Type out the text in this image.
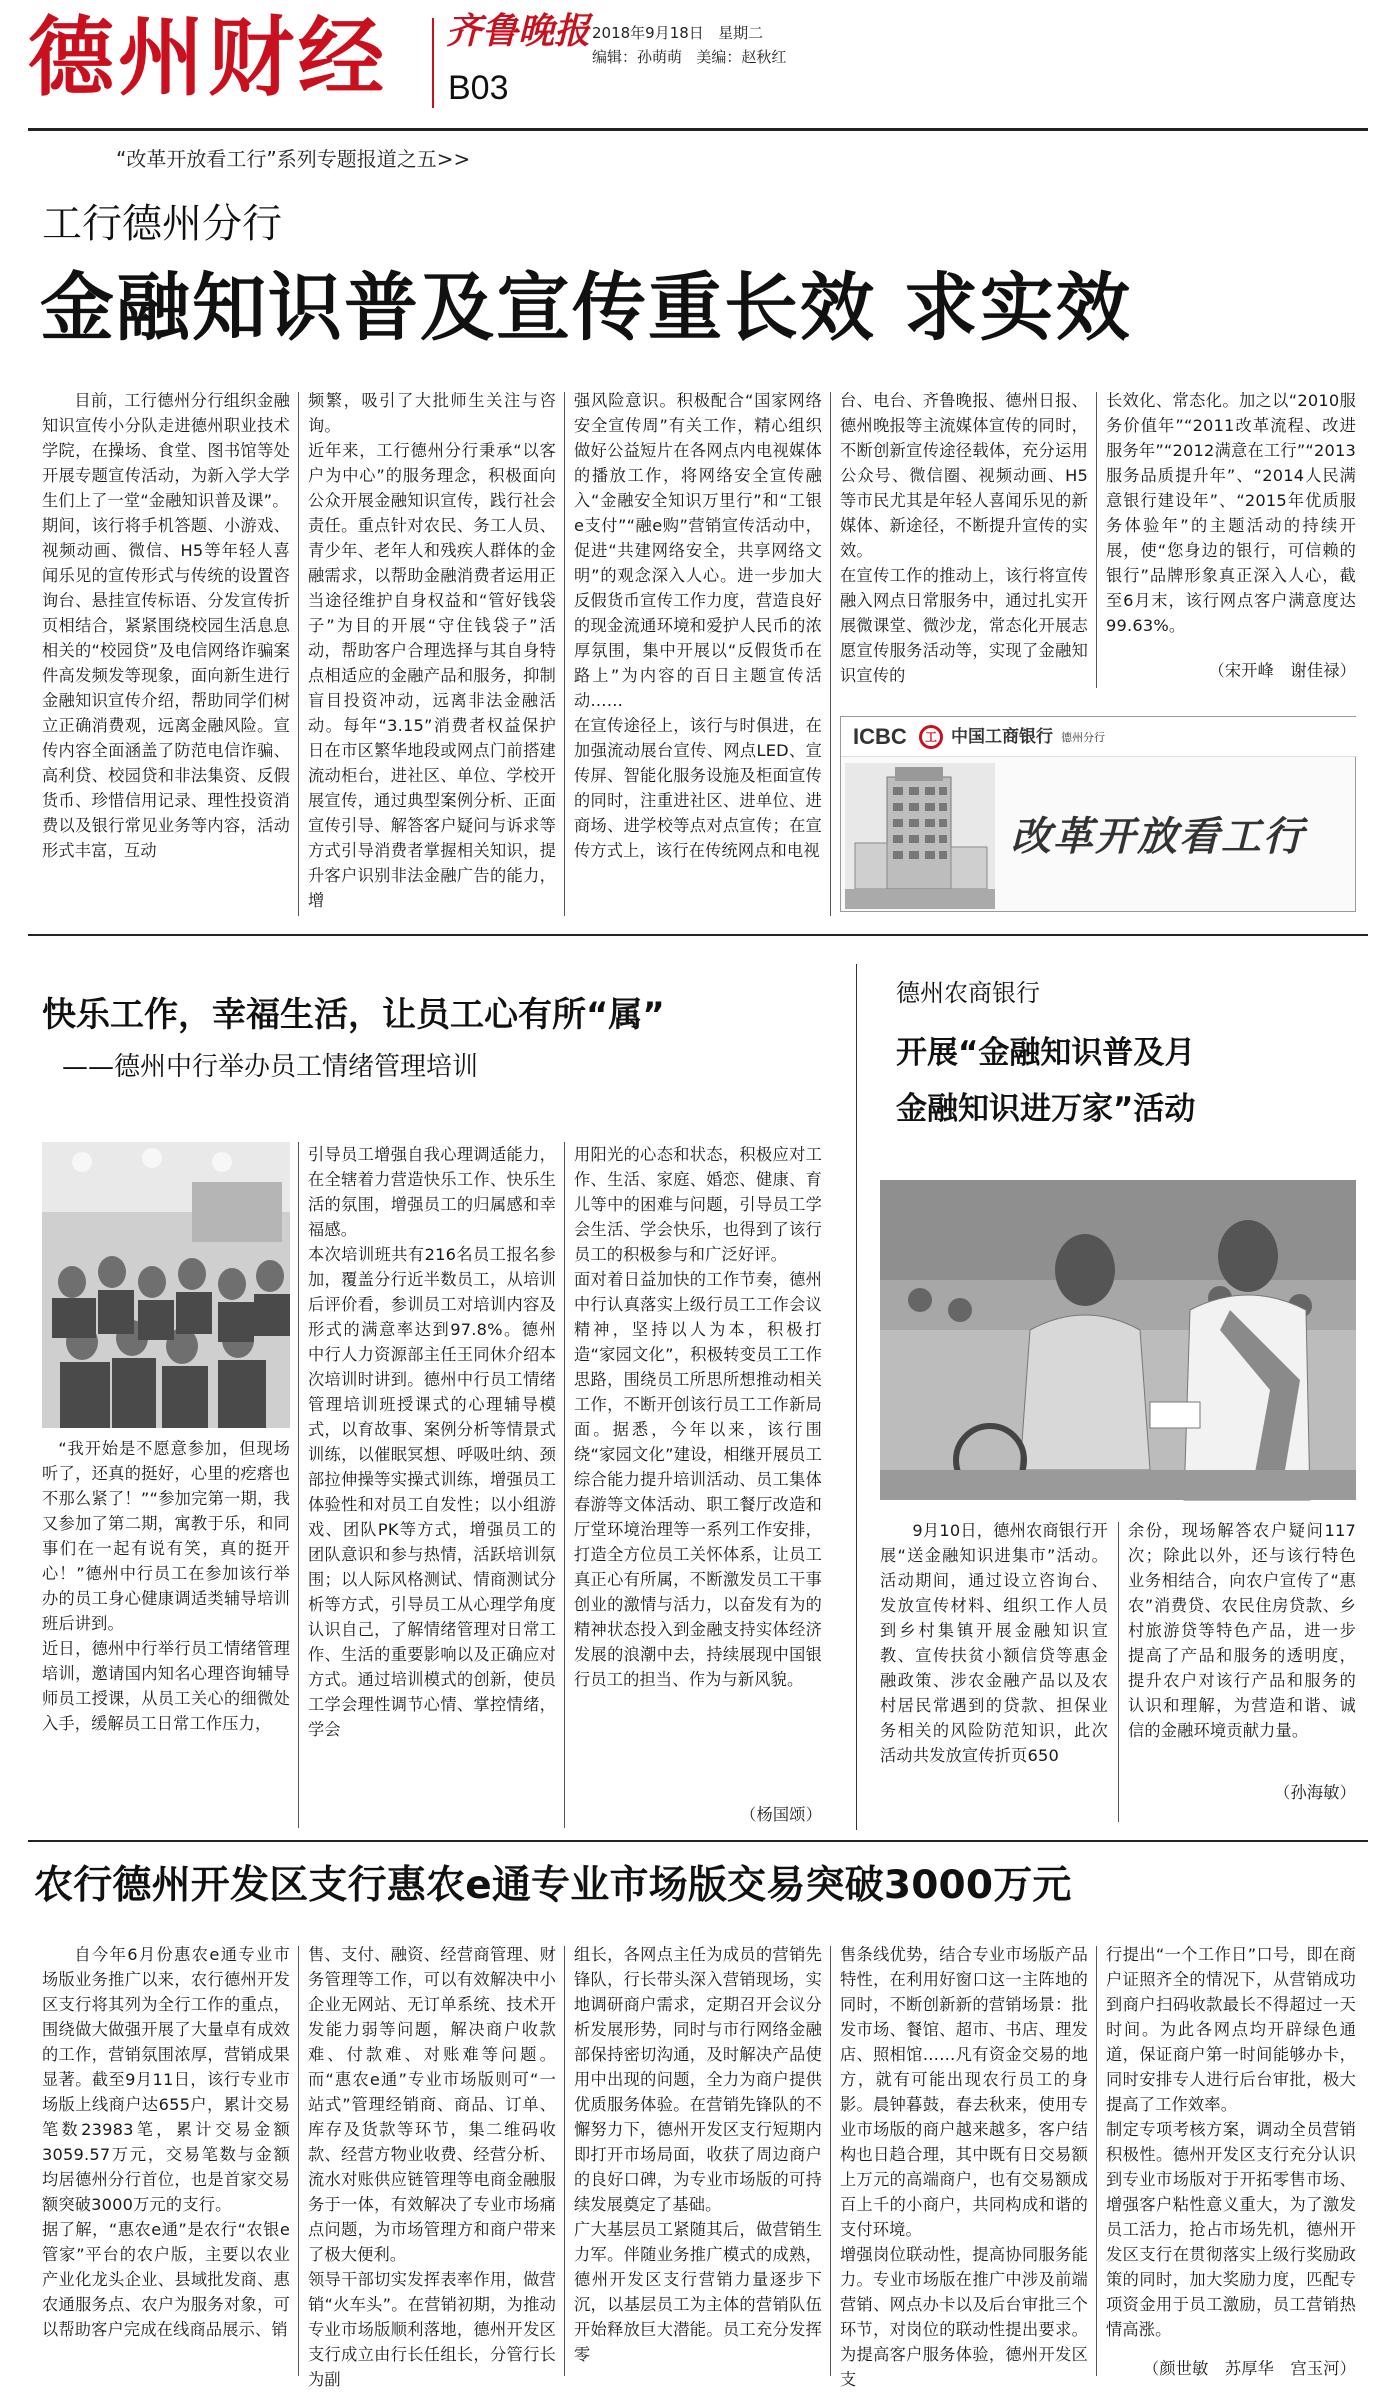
德州财经 齐鲁晚报
B03
2018年9月18日 星期二
编辑：孙萌萌 美编：赵秋红
“改革开放看工行”系列专题报道之五>>
工行德州分行
金融知识普及宣传重长效 求实效
目前，工行德州分行组织金融知识宣传小分队走进德州职业技术学院，在操场、食堂、图书馆等处开展专题宣传活动，为新入学大学生们上了一堂“金融知识普及课”。
期间，该行将手机答题、小游戏、视频动画、微信、H5等年轻人喜闻乐见的宣传形式与传统的设置咨询台、悬挂宣传标语、分发宣传折页相结合，紧紧围绕校园生活息息相关的“校园贷”及电信网络诈骗案件高发频发等现象，面向新生进行金融知识宣传介绍，帮助同学们树立正确消费观，远离金融风险。宣传内容全面涵盖了防范电信诈骗、高利贷、校园贷和非法集资、反假货币、珍惜信用记录、理性投资消费以及银行常见业务等内容，活动形式丰富，互动
频繁，吸引了大批师生关注与咨询。
近年来，工行德州分行秉承“以客户为中心”的服务理念，积极面向公众开展金融知识宣传，践行社会责任。重点针对农民、务工人员、青少年、老年人和残疾人群体的金融需求，以帮助金融消费者运用正当途径维护自身权益和“管好钱袋子”为目的开展“守住钱袋子”活动，帮助客户合理选择与其自身特点相适应的金融产品和服务，抑制盲目投资冲动，远离非法金融活动。每年“3.15”消费者权益保护日在市区繁华地段或网点门前搭建流动柜台，进社区、单位、学校开展宣传，通过典型案例分析、正面宣传引导、解答客户疑问与诉求等方式引导消费者掌握相关知识，提升客户识别非法金融广告的能力，增
强风险意识。积极配合“国家网络安全宣传周”有关工作，精心组织做好公益短片在各网点内电视媒体的播放工作，将网络安全宣传融入“金融安全知识万里行”和“工银e支付”“融e购”营销宣传活动中，促进“共建网络安全，共享网络文明”的观念深入人心。进一步加大反假货币宣传工作力度，营造良好的现金流通环境和爱护人民币的浓厚氛围，集中开展以“反假货币在路上”为内容的百日主题宣传活动……
在宣传途径上，该行与时俱进，在加强流动展台宣传、网点LED、宣传屏、智能化服务设施及柜面宣传的同时，注重进社区、进单位、进商场、进学校等点对点宣传；在宣传方式上，该行在传统网点和电视
台、电台、齐鲁晚报、德州日报、德州晚报等主流媒体宣传的同时，不断创新宣传途径载体，充分运用公众号、微信圈、视频动画、H5等市民尤其是年轻人喜闻乐见的新媒体、新途径，不断提升宣传的实效。
在宣传工作的推动上，该行将宣传融入网点日常服务中，通过扎实开展微课堂、微沙龙，常态化开展志愿宣传服务活动等，实现了金融知识宣传的
长效化、常态化。加之以“2010服务价值年”“2011改革流程、改进服务年”“2012满意在工行”“2013服务品质提升年”、“2014人民满意银行建设年”、“2015年优质服务体验年”的主题活动的持续开展，使“您身边的银行，可信赖的银行”品牌形象真正深入人心，截至6月末，该行网点客户满意度达99.63%。
（宋开峰　谢佳禄）
ICBC	工 中国工商银行 德州分行
改革开放看工行
快乐工作，幸福生活，让员工心有所“属”
——德州中行举办员工情绪管理培训
“我开始是不愿意参加，但现场听了，还真的挺好，心里的疙瘩也不那么紧了！”“参加完第一期，我又参加了第二期，寓教于乐，和同事们在一起有说有笑，真的挺开心！”德州中行员工在参加该行举办的员工身心健康调适类辅导培训班后讲到。
近日，德州中行举行员工情绪管理培训，邀请国内知名心理咨询辅导师员工授课，从员工关心的细微处入手，缓解员工日常工作压力，
引导员工增强自我心理调适能力，在全辖着力营造快乐工作、快乐生活的氛围，增强员工的归属感和幸福感。
本次培训班共有216名员工报名参加，覆盖分行近半数员工，从培训后评价看，参训员工对培训内容及形式的满意率达到97.8%。德州中行人力资源部主任王同休介绍本次培训时讲到。德州中行员工情绪管理培训班授课式的心理辅导模式，以育故事、案例分析等情景式训练，以催眠冥想、呼吸吐纳、颈部拉伸操等实操式训练，增强员工体验性和对员工自发性；以小组游戏、团队PK等方式，增强员工的团队意识和参与热情，活跃培训氛围；以人际风格测试、情商测试分析等方式，引导员工从心理学角度认识自己，了解情绪管理对日常工作、生活的重要影响以及正确应对方式。通过培训模式的创新，使员工学会理性调节心情、掌控情绪，学会
用阳光的心态和状态，积极应对工作、生活、家庭、婚恋、健康、育儿等中的困难与问题，引导员工学会生活、学会快乐，也得到了该行员工的积极参与和广泛好评。
面对着日益加快的工作节奏，德州中行认真落实上级行员工工作会议精神，坚持以人为本，积极打造“家园文化”，积极转变员工工作思路，围绕员工所思所想推动相关工作，不断开创该行员工工作新局面。据悉，今年以来，该行围绕“家园文化”建设，相继开展员工综合能力提升培训活动、员工集体春游等文体活动、职工餐厅改造和厅堂环境治理等一系列工作安排，打造全方位员工关怀体系，让员工真正心有所属，不断激发员工干事创业的激情与活力，以奋发有为的精神状态投入到金融支持实体经济发展的浪潮中去，持续展现中国银行员工的担当、作为与新风貌。
（杨国颂）
德州农商银行
开展“金融知识普及月
金融知识进万家”活动
9月10日，德州农商银行开展“送金融知识进集市”活动。活动期间，通过设立咨询台、发放宣传材料、组织工作人员到乡村集镇开展金融知识宣教、宣传扶贫小额信贷等惠金融政策、涉农金融产品以及农村居民常遇到的贷款、担保业务相关的风险防范知识，此次活动共发放宣传折页650
余份，现场解答农户疑问117次；除此以外，还与该行特色业务相结合，向农户宣传了“惠农”消费贷、农民住房贷款、乡村旅游贷等特色产品，进一步提高了产品和服务的透明度，提升农户对该行产品和服务的认识和理解，为营造和谐、诚信的金融环境贡献力量。
（孙海敏）
农行德州开发区支行惠农e通专业市场版交易突破3000万元
自今年6月份惠农e通专业市场版业务推广以来，农行德州开发区支行将其列为全行工作的重点，围绕做大做强开展了大量卓有成效的工作，营销氛围浓厚，营销成果显著。截至9月11日，该行专业市场版上线商户达655户，累计交易笔数23983笔，累计交易金额3059.57万元，交易笔数与金额均居德州分行首位，也是首家交易额突破3000万元的支行。
据了解，“惠农e通”是农行“农银e管家”平台的农户版，主要以农业产业化龙头企业、县域批发商、惠农通服务点、农户为服务对象，可以帮助客户完成在线商品展示、销
售、支付、融资、经营商管理、财务管理等工作，可以有效解决中小企业无网站、无订单系统、技术开发能力弱等问题，解决商户收款难、付款难、对账难等问题。而“惠农e通”专业市场版则可“一站式”管理经销商、商品、订单、库存及货款等环节，集二维码收款、经营方物业收费、经营分析、流水对账供应链管理等电商金融服务于一体，有效解决了专业市场痛点问题，为市场管理方和商户带来了极大便利。
领导干部切实发挥表率作用，做营销“火车头”。在营销初期，为推动专业市场版顺利落地，德州开发区支行成立由行长任组长，分管行长为副
组长，各网点主任为成员的营销先锋队，行长带头深入营销现场，实地调研商户需求，定期召开会议分析发展形势，同时与市行网络金融部保持密切沟通，及时解决产品使用中出现的问题，全力为商户提供优质服务体验。在营销先锋队的不懈努力下，德州开发区支行短期内即打开市场局面，收获了周边商户的良好口碑，为专业市场版的可持续发展奠定了基础。
广大基层员工紧随其后，做营销生力军。伴随业务推广模式的成熟，德州开发区支行营销力量逐步下沉，以基层员工为主体的营销队伍开始释放巨大潜能。员工充分发挥零
售条线优势，结合专业市场版产品特性，在利用好窗口这一主阵地的同时，不断创新新的营销场景：批发市场、餐馆、超市、书店、理发店、照相馆……凡有资金交易的地方，就有可能出现农行员工的身影。晨钟暮鼓，春去秋来，使用专业市场版的商户越来越多，客户结构也日趋合理，其中既有日交易额上万元的高端商户，也有交易额成百上千的小商户，共同构成和谐的支付环境。
增强岗位联动性，提高协同服务能力。专业市场版在推广中涉及前端营销、网点办卡以及后台审批三个环节，对岗位的联动性提出要求。为提高客户服务体验，德州开发区支
行提出“一个工作日”口号，即在商户证照齐全的情况下，从营销成功到商户扫码收款最长不得超过一天时间。为此各网点均开辟绿色通道，保证商户第一时间能够办卡，同时安排专人进行后台审批，极大提高了工作效率。
制定专项考核方案，调动全员营销积极性。德州开发区支行充分认识到专业市场版对于开拓零售市场、增强客户粘性意义重大，为了激发员工活力，抢占市场先机，德州开发区支行在贯彻落实上级行奖励政策的同时，加大奖励力度，匹配专项资金用于员工激励，员工营销热情高涨。
（颜世敏　苏厚华　宫玉河）
